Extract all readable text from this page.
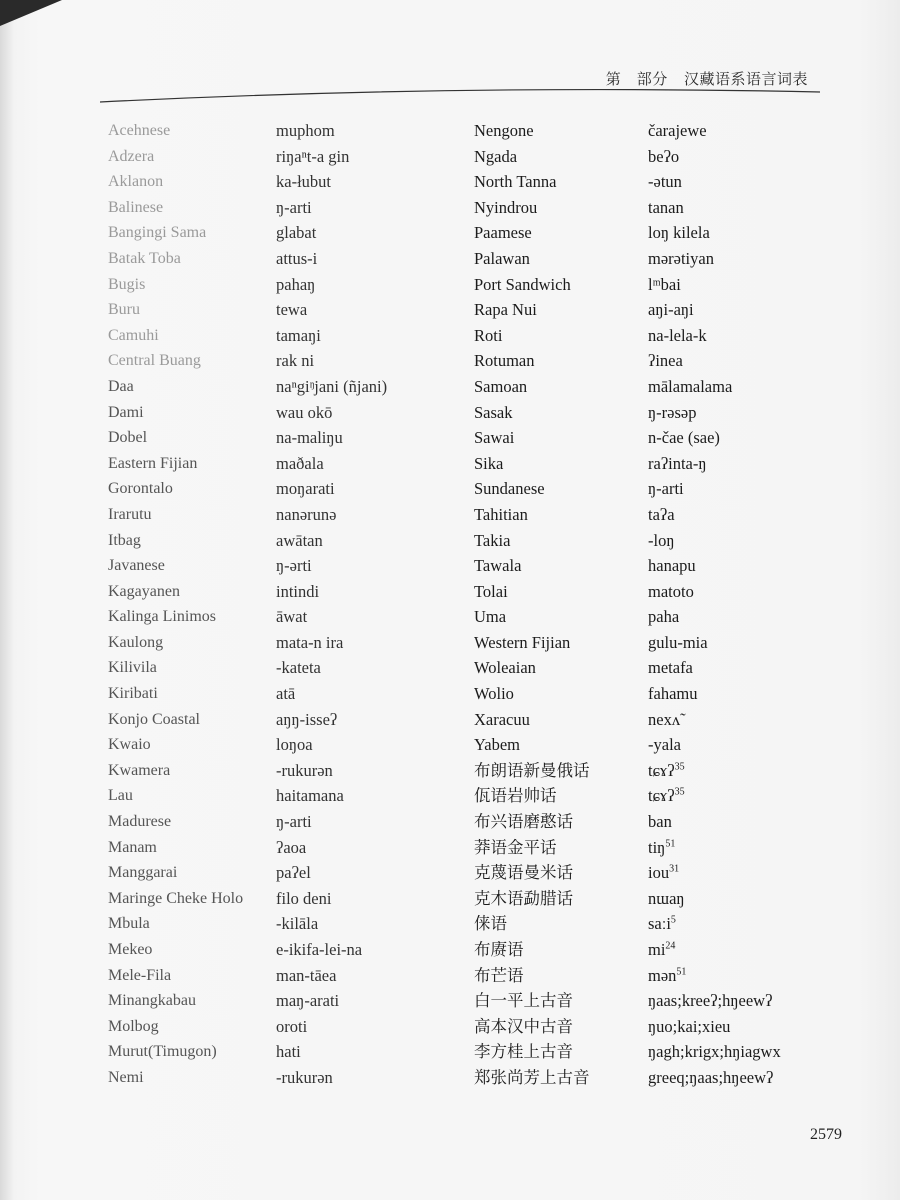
第　部分 汉藏语系语言词表
Acehnese
Adzera
Aklanon
Balinese
Bangingi Sama
Batak Toba
Bugis
Buru
Camuhi
Central Buang
Daa
Dami
Dobel
Eastern Fijian
Gorontalo
Irarutu
Itbag
Javanese
Kagayanen
Kalinga Linimos
Kaulong
Kilivila
Kiribati
Konjo Coastal
Kwaio
Kwamera
Lau
Madurese
Manam
Manggarai
Maringe Cheke Holo
Mbula
Mekeo
Mele-Fila
Minangkabau
Molbog
Murut(Timugon)
Nemi
muphom
riŋaⁿt-a gin
ka-łubut
ŋ-arti
glabat
attus-i
pahaŋ
tewa
tamaŋi
rak ni
naⁿgiᵑjani (ñjani)
wau okō
na-maliŋu
maðala
moŋarati
nanərunə
awātan
ŋ-ərti
intindi
āwat
mata-n ira
-kateta
atā
aŋŋ-isseʔ
loŋoa
-rukurən
haitamana
ŋ-arti
ʔaoa
paʔel
filo deni
-kilāla
e-ikifa-lei-na
man-tāea
maŋ-arati
oroti
hati
-rukurən
Nengone
Ngada
North Tanna
Nyindrou
Paamese
Palawan
Port Sandwich
Rapa Nui
Roti
Rotuman
Samoan
Sasak
Sawai
Sika
Sundanese
Tahitian
Takia
Tawala
Tolai
Uma
Western Fijian
Woleaian
Wolio
Xaracuu
Yabem
布朗语新曼俄话
佤语岩帅话
布兴语磨憨话
莽语金平话
克蔑语曼米话
克木语勐腊话
俫语
布赓语
布芒语
白一平上古音
高本汉中古音
李方桂上古音
郑张尚芳上古音
čarajewe
beʔo
-ətun
tanan
loŋ kilela
mərətiyan
lᵐbai
aŋi-aŋi
na-lela-k
ʔinea
mālamalama
ŋ-rəsəp
n-čae (sae)
raʔinta-ŋ
ŋ-arti
taʔa
-loŋ
hanapu
matoto
paha
gulu-mia
metafa
fahamu
nexʌ̃
-yala
tɕɤʔ$^{35}$
tɕɤʔ$^{35}$
ban
tiŋ$^{51}$
iou$^{31}$
nɯaŋ
saːi$^5$
$mi^{24}$
mən$^{51}$
ŋaas;kreeʔ;hŋeewʔ
ŋuo;kai;xieu
ŋagh;krigx;hŋiagwx
greeq;ŋaas;hŋeewʔ
2579
